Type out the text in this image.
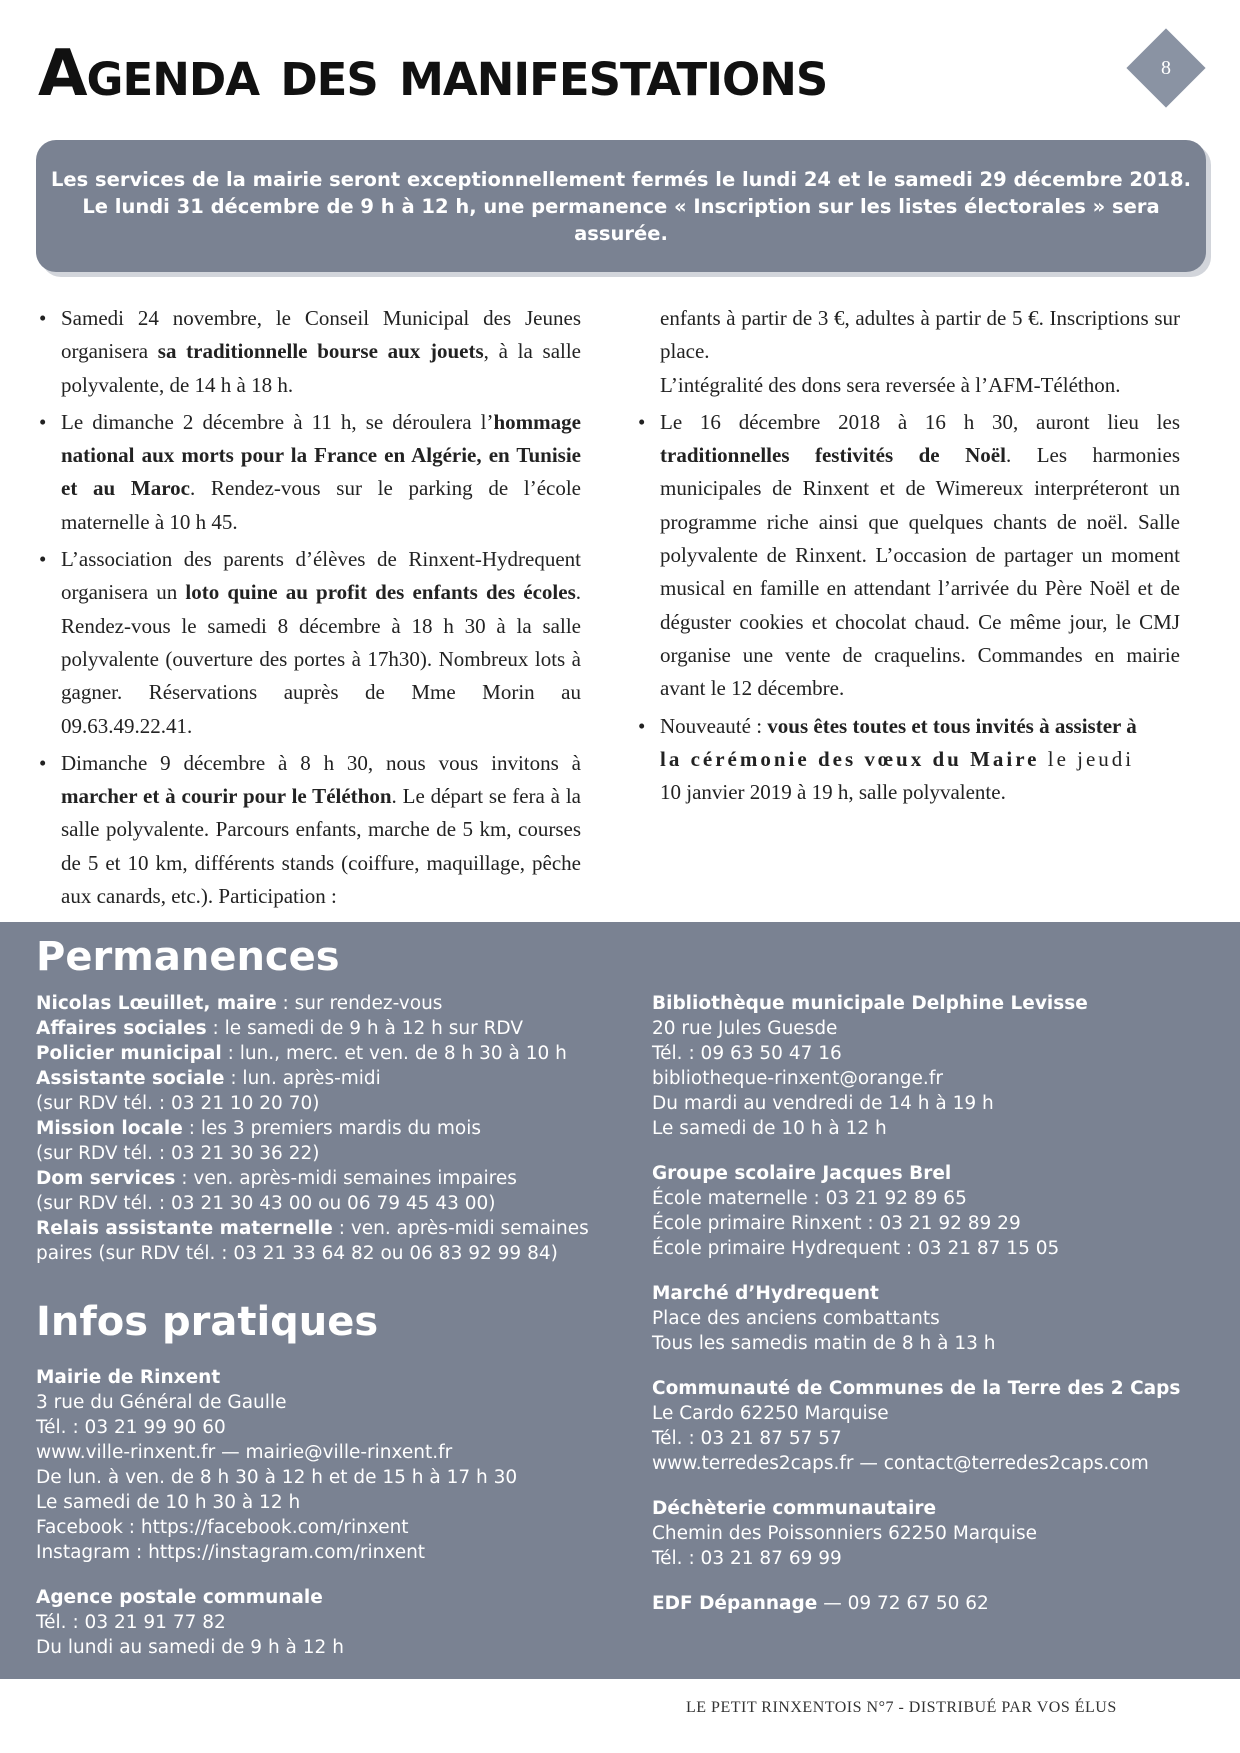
Agenda des manifestations	8

Les services de la mairie seront exceptionnellement fermés le lundi 24 et le samedi 29 décembre 2018.

Le lundi 31 décembre de 9 h à 12 h, une permanence « Inscription sur les listes électorales » sera assurée.

• Samedi 24 novembre, le Conseil Municipal des Jeunes organisera sa traditionnelle bourse aux jouets, à la salle polyvalente, de 14 h à 18 h.
• Le dimanche 2 décembre à 11 h, se déroulera l’hommage national aux morts pour la France en Algérie, en Tunisie et au Maroc. Rendez-vous sur le parking de l’école maternelle à 10 h 45.
• L’association des parents d’élèves de Rinxent-Hydrequent organisera un loto quine au profit des enfants des écoles. Rendez-vous le samedi 8 décembre à 18 h 30 à la salle polyvalente (ouverture des portes à 17h30). Nombreux lots à gagner. Réservations auprès de Mme Morin au 09.63.49.22.41.
• Dimanche 9 décembre à 8 h 30, nous vous invitons à marcher et à courir pour le Téléthon. Le départ se fera à la salle polyvalente. Parcours enfants, marche de 5 km, courses de 5 et 10 km, différents stands (coiffure, maquillage, pêche aux canards, etc.). Participation :
enfants à partir de 3 €, adultes à partir de 5 €. Inscriptions sur place.
L’intégralité des dons sera reversée à l’AFM-Téléthon.
• Le 16 décembre 2018 à 16 h 30, auront lieu les traditionnelles festivités de Noël. Les harmonies municipales de Rinxent et de Wimereux interpréteront un programme riche ainsi que quelques chants de noël. Salle polyvalente de Rinxent. L’occasion de partager un moment musical en famille en attendant l’arrivée du Père Noël et de déguster cookies et chocolat chaud. Ce même jour, le CMJ organise une vente de craquelins. Commandes en mairie avant le 12 décembre.
• Nouveauté : vous êtes toutes et tous invités à assister à
la cérémonie des vœux du Maire le jeudi
10 janvier 2019 à 19 h, salle polyvalente.
Permanences

Nicolas Lœuillet, maire : sur rendez-vous

Affaires sociales : le samedi de 9 h à 12 h sur RDV

Policier municipal : lun., merc. et ven. de 8 h 30 à 10 h

Assistante sociale : lun. après-midi
(sur RDV tél. : 03 21 10 20 70)

Mission locale : les 3 premiers mardis du mois
(sur RDV tél. : 03 21 30 36 22)

Dom services : ven. après-midi semaines impaires
(sur RDV tél. : 03 21 30 43 00 ou 06 79 45 43 00)

Relais assistante maternelle : ven. après-midi semaines
paires (sur RDV tél. : 03 21 33 64 82 ou 06 83 92 99 84)

Infos pratiques

Mairie de Rinxent

3 rue du Général de Gaulle

Tél. : 03 21 99 90 60

www.ville-rinxent.fr — mairie@ville-rinxent.fr

De lun. à ven. de 8 h 30 à 12 h et de 15 h à 17 h 30

Le samedi de 10 h 30 à 12 h

Facebook : https://facebook.com/rinxent

Instagram : https://instagram.com/rinxent

Agence postale communale

Tél. : 03 21 91 77 82

Du lundi au samedi de 9 h à 12 h

Bibliothèque municipale Delphine Levisse

20 rue Jules Guesde

Tél. : 09 63 50 47 16

bibliotheque-rinxent@orange.fr

Du mardi au vendredi de 14 h à 19 h

Le samedi de 10 h à 12 h

Groupe scolaire Jacques Brel

École maternelle : 03 21 92 89 65

École primaire Rinxent : 03 21 92 89 29

École primaire Hydrequent : 03 21 87 15 05

Marché d’Hydrequent

Place des anciens combattants

Tous les samedis matin de 8 h à 13 h

Communauté de Communes de la Terre des 2 Caps

Le Cardo 62250 Marquise

Tél. : 03 21 87 57 57

www.terredes2caps.fr — contact@terredes2caps.com

Déchèterie communautaire

Chemin des Poissonniers 62250 Marquise

Tél. : 03 21 87 69 99

EDF Dépannage — 09 72 67 50 62

LE PETIT RINXENTOIS N°7 - DISTRIBUÉ PAR VOS ÉLUS
